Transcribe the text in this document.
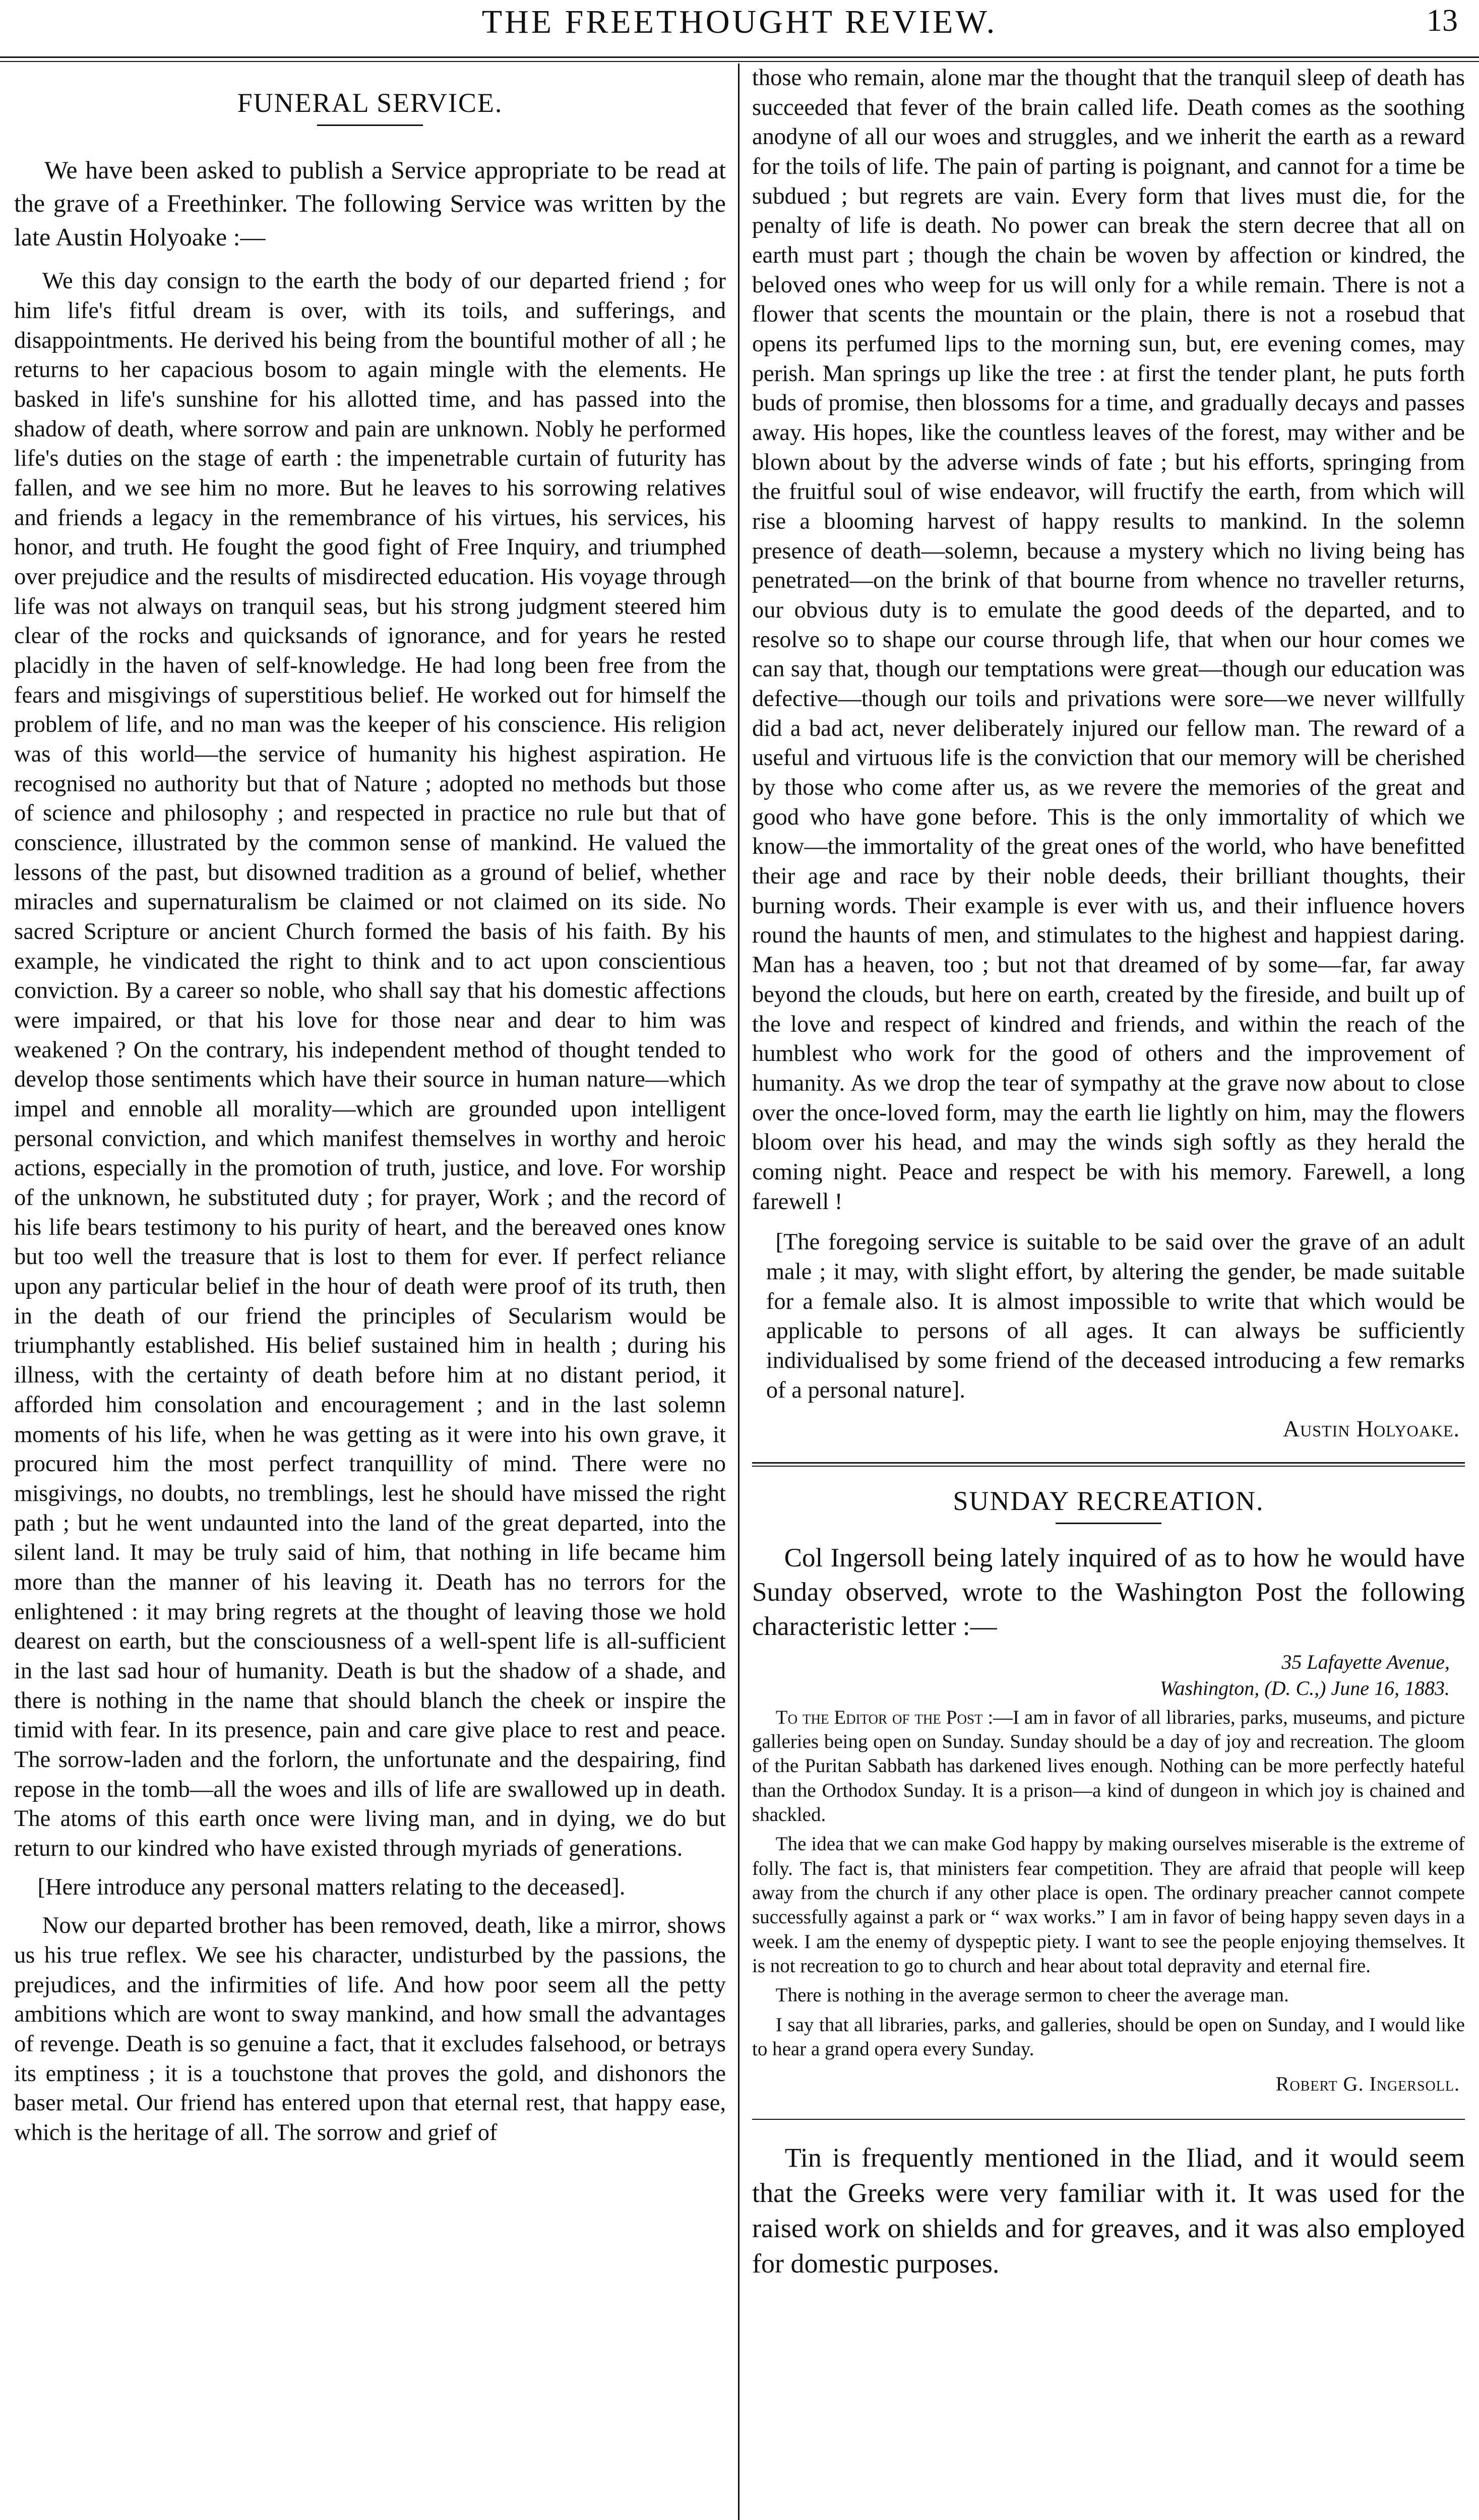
THE FREETHOUGHT REVIEW.	13
FUNERAL SERVICE.

We have been asked to publish a Service appropriate to be read at the grave of a Freethinker. The following Service was written by the late Austin Holyoake :—

We this day consign to the earth the body of our departed friend ; for him life's fitful dream is over, with its toils, and sufferings, and disappointments. He derived his being from the bountiful mother of all ; he returns to her capacious bosom to again mingle with the elements. He basked in life's sunshine for his allotted time, and has passed into the shadow of death, where sorrow and pain are unknown. Nobly he performed life's duties on the stage of earth : the impenetrable curtain of futurity has fallen, and we see him no more. But he leaves to his sorrowing relatives and friends a legacy in the remembrance of his virtues, his services, his honor, and truth. He fought the good fight of Free Inquiry, and triumphed over prejudice and the results of misdirected education. His voyage through life was not always on tranquil seas, but his strong judgment steered him clear of the rocks and quicksands of ignorance, and for years he rested placidly in the haven of self-knowledge. He had long been free from the fears and misgivings of superstitious belief. He worked out for himself the problem of life, and no man was the keeper of his conscience. His religion was of this world—the service of humanity his highest aspiration. He recognised no authority but that of Nature ; adopted no methods but those of science and philosophy ; and respected in practice no rule but that of conscience, illustrated by the common sense of mankind. He valued the lessons of the past, but disowned tradition as a ground of belief, whether miracles and supernaturalism be claimed or not claimed on its side. No sacred Scripture or ancient Church formed the basis of his faith. By his example, he vindicated the right to think and to act upon conscientious conviction. By a career so noble, who shall say that his domestic affections were impaired, or that his love for those near and dear to him was weakened ? On the contrary, his independent method of thought tended to develop those sentiments which have their source in human nature—which impel and ennoble all morality—which are grounded upon intelligent personal conviction, and which manifest themselves in worthy and heroic actions, especially in the promotion of truth, justice, and love. For worship of the unknown, he substituted duty ; for prayer, Work ; and the record of his life bears testimony to his purity of heart, and the bereaved ones know but too well the treasure that is lost to them for ever. If perfect reliance upon any particular belief in the hour of death were proof of its truth, then in the death of our friend the principles of Secularism would be triumphantly established. His belief sustained him in health ; during his illness, with the certainty of death before him at no distant period, it afforded him consolation and encouragement ; and in the last solemn moments of his life, when he was getting as it were into his own grave, it procured him the most perfect tranquillity of mind. There were no misgivings, no doubts, no tremblings, lest he should have missed the right path ; but he went undaunted into the land of the great departed, into the silent land. It may be truly said of him, that nothing in life became him more than the manner of his leaving it. Death has no terrors for the enlightened : it may bring regrets at the thought of leaving those we hold dearest on earth, but the consciousness of a well-spent life is all-sufficient in the last sad hour of humanity. Death is but the shadow of a shade, and there is nothing in the name that should blanch the cheek or inspire the timid with fear. In its presence, pain and care give place to rest and peace. The sorrow-laden and the forlorn, the unfortunate and the despairing, find repose in the tomb—all the woes and ills of life are swallowed up in death. The atoms of this earth once were living man, and in dying, we do but return to our kindred who have existed through myriads of generations.

[Here introduce any personal matters relating to the deceased].

Now our departed brother has been removed, death, like a mirror, shows us his true reflex. We see his character, undisturbed by the passions, the prejudices, and the infirmities of life. And how poor seem all the petty ambitions which are wont to sway mankind, and how small the advantages of revenge. Death is so genuine a fact, that it excludes falsehood, or betrays its emptiness ; it is a touchstone that proves the gold, and dishonors the baser metal. Our friend has entered upon that eternal rest, that happy ease, which is the heritage of all. The sorrow and grief of

those who remain, alone mar the thought that the tranquil sleep of death has succeeded that fever of the brain called life. Death comes as the soothing anodyne of all our woes and struggles, and we inherit the earth as a reward for the toils of life. The pain of parting is poignant, and cannot for a time be subdued ; but regrets are vain. Every form that lives must die, for the penalty of life is death. No power can break the stern decree that all on earth must part ; though the chain be woven by affection or kindred, the beloved ones who weep for us will only for a while remain. There is not a flower that scents the mountain or the plain, there is not a rosebud that opens its perfumed lips to the morning sun, but, ere evening comes, may perish. Man springs up like the tree : at first the tender plant, he puts forth buds of promise, then blossoms for a time, and gradually decays and passes away. His hopes, like the countless leaves of the forest, may wither and be blown about by the adverse winds of fate ; but his efforts, springing from the fruitful soul of wise endeavor, will fructify the earth, from which will rise a blooming harvest of happy results to mankind. In the solemn presence of death—solemn, because a mystery which no living being has penetrated—on the brink of that bourne from whence no traveller returns, our obvious duty is to emulate the good deeds of the departed, and to resolve so to shape our course through life, that when our hour comes we can say that, though our temptations were great—though our education was defective—though our toils and privations were sore—we never willfully did a bad act, never deliberately injured our fellow man. The reward of a useful and virtuous life is the conviction that our memory will be cherished by those who come after us, as we revere the memories of the great and good who have gone before. This is the only immortality of which we know—the immortality of the great ones of the world, who have benefitted their age and race by their noble deeds, their brilliant thoughts, their burning words. Their example is ever with us, and their influence hovers round the haunts of men, and stimulates to the highest and happiest daring. Man has a heaven, too ; but not that dreamed of by some—far, far away beyond the clouds, but here on earth, created by the fireside, and built up of the love and respect of kindred and friends, and within the reach of the humblest who work for the good of others and the improvement of humanity. As we drop the tear of sympathy at the grave now about to close over the once-loved form, may the earth lie lightly on him, may the flowers bloom over his head, and may the winds sigh softly as they herald the coming night. Peace and respect be with his memory. Farewell, a long farewell !

[The foregoing service is suitable to be said over the grave of an adult male ; it may, with slight effort, by altering the gender, be made suitable for a female also. It is almost impossible to write that which would be applicable to persons of all ages. It can always be sufficiently individualised by some friend of the deceased introducing a few remarks of a personal nature].

Austin Holyoake.
SUNDAY RECREATION.

Col Ingersoll being lately inquired of as to how he would have Sunday observed, wrote to the Washington Post the following characteristic letter :—

35 Lafayette Avenue,
Washington, (D. C.,) June 16, 1883.

To the Editor of the Post :—I am in favor of all libraries, parks, museums, and picture galleries being open on Sunday. Sunday should be a day of joy and recreation. The gloom of the Puritan Sabbath has darkened lives enough. Nothing can be more perfectly hateful than the Orthodox Sunday. It is a prison—a kind of dungeon in which joy is chained and shackled.

The idea that we can make God happy by making ourselves miserable is the extreme of folly. The fact is, that ministers fear competition. They are afraid that people will keep away from the church if any other place is open. The ordinary preacher cannot compete successfully against a park or “ wax works.” I am in favor of being happy seven days in a week. I am the enemy of dyspeptic piety. I want to see the people enjoying themselves. It is not recreation to go to church and hear about total depravity and eternal fire.

There is nothing in the average sermon to cheer the average man.

I say that all libraries, parks, and galleries, should be open on Sunday, and I would like to hear a grand opera every Sunday.

Robert G. Ingersoll.

Tin is frequently mentioned in the Iliad, and it would seem that the Greeks were very familiar with it. It was used for the raised work on shields and for greaves, and it was also employed for domestic purposes.
